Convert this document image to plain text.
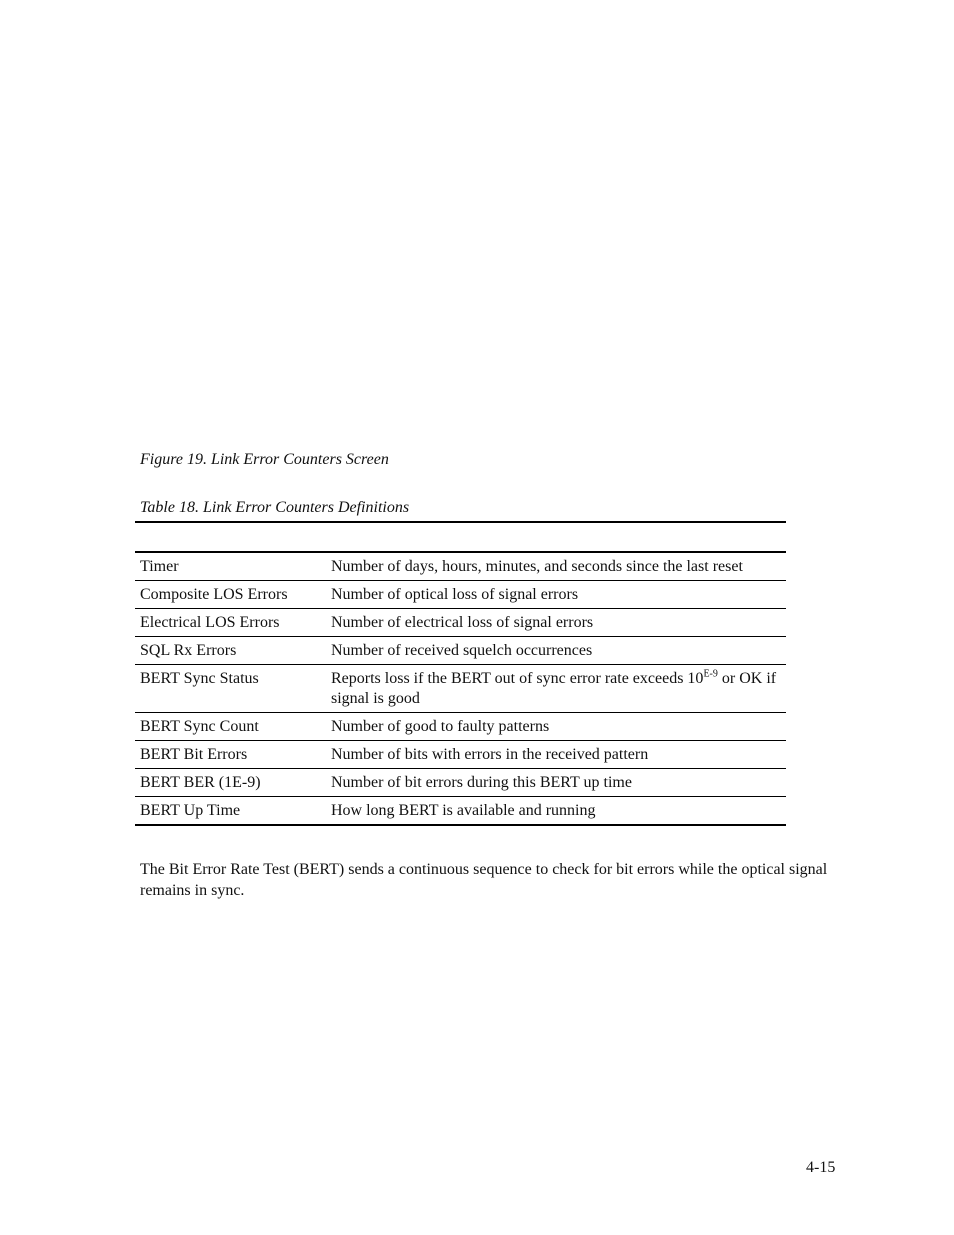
Figure 19. Link Error Counters Screen
Table 18. Link Error Counters Definitions
Timer	Number of days, hours, minutes, and seconds since the last reset
Composite LOS Errors	Number of optical loss of signal errors
Electrical LOS Errors	Number of electrical loss of signal errors
SQL Rx Errors	Number of received squelch occurrences
BERT Sync Status	Reports loss if the BERT out of sync error rate exceeds $10^{E-9}$ or OK if signal is good
BERT Sync Count	Number of good to faulty patterns
BERT Bit Errors	Number of bits with errors in the received pattern
BERT BER (1E-9)	Number of bit errors during this BERT up time
BERT Up Time	How long BERT is available and running

The Bit Error Rate Test (BERT) sends a continuous sequence to check for bit errors while the optical signal remains in sync.

4-15
